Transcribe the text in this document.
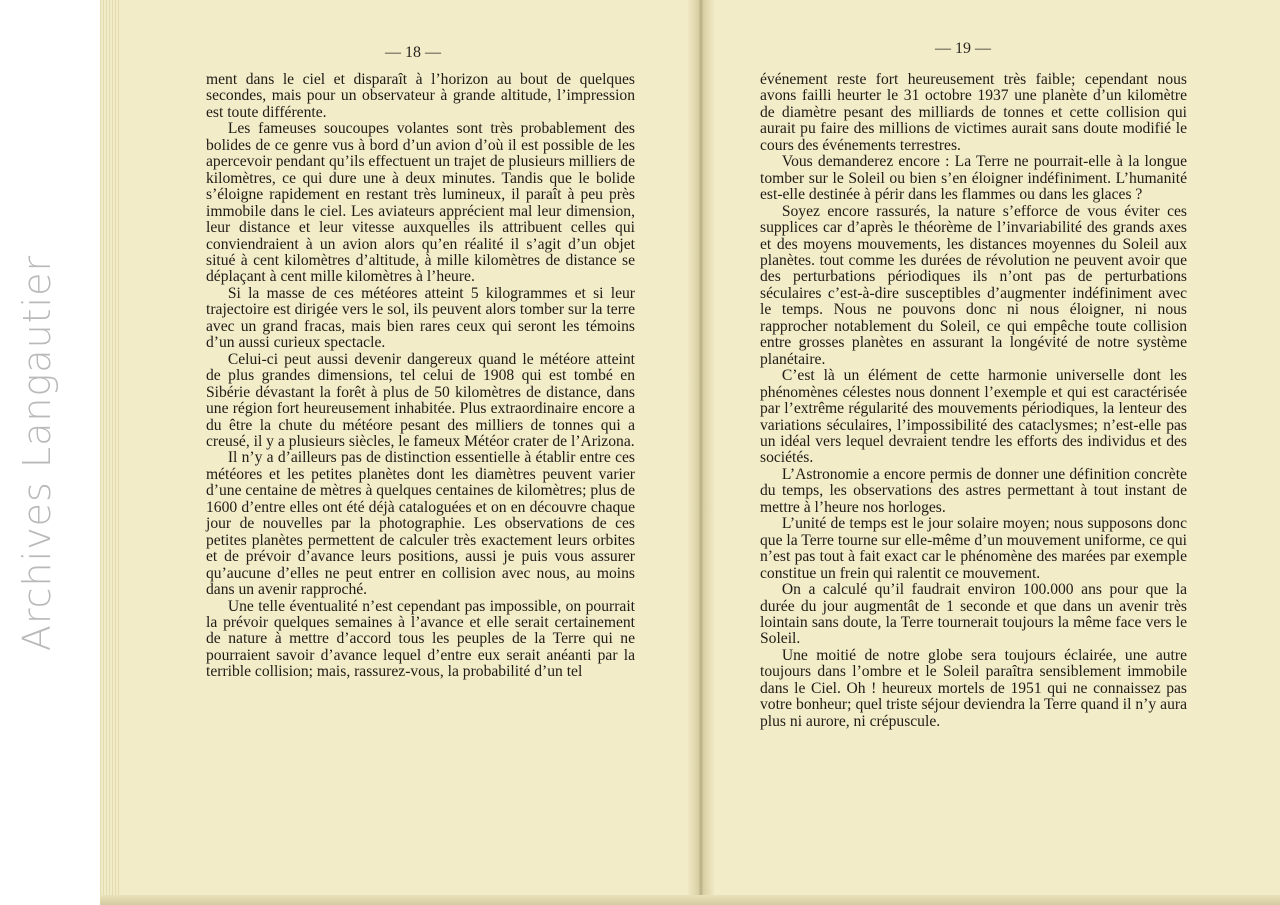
Archives Langautier
— 18 —	— 19 —

ment dans le ciel et disparaît à l’horizon au bout de quelques secondes, mais pour un observateur à grande altitude, l’impression est toute différente.

Les fameuses soucoupes volantes sont très probablement des bolides de ce genre vus à bord d’un avion d’où il est possible de les apercevoir pendant qu’ils effectuent un trajet de plusieurs milliers de kilomètres, ce qui dure une à deux minutes. Tandis que le bolide s’éloigne rapidement en restant très lumineux, il paraît à peu près immobile dans le ciel. Les aviateurs apprécient mal leur dimension, leur distance et leur vitesse auxquelles ils attribuent celles qui conviendraient à un avion alors qu’en réalité il s’agit d’un objet situé à cent kilomètres d’altitude, à mille kilomètres de distance se déplaçant à cent mille kilomètres à l’heure.

Si la masse de ces météores atteint 5 kilogrammes et si leur trajectoire est dirigée vers le sol, ils peuvent alors tomber sur la terre avec un grand fracas, mais bien rares ceux qui seront les témoins d’un aussi curieux spectacle.

Celui-ci peut aussi devenir dangereux quand le météore atteint de plus grandes dimensions, tel celui de 1908 qui est tombé en Sibérie dévastant la forêt à plus de 50 kilomètres de distance, dans une région fort heureusement inhabitée. Plus extraordinaire encore a du être la chute du météore pesant des milliers de tonnes qui a creusé, il y a plusieurs siècles, le fameux Météor crater de l’Arizona.

Il n’y a d’ailleurs pas de distinction essentielle à établir entre ces météores et les petites planètes dont les diamètres peuvent varier d’une centaine de mètres à quelques centaines de kilomètres; plus de 1600 d’entre elles ont été déjà cataloguées et on en découvre chaque jour de nouvelles par la photographie. Les observations de ces petites planètes permettent de calculer très exactement leurs orbites et de prévoir d’avance leurs positions, aussi je puis vous assurer qu’aucune d’elles ne peut entrer en collision avec nous, au moins dans un avenir rapproché.

Une telle éventualité n’est cependant pas impossible, on pourrait la prévoir quelques semaines à l’avance et elle serait certainement de nature à mettre d’accord tous les peuples de la Terre qui ne pourraient savoir d’avance lequel d’entre eux serait anéanti par la terrible collision; mais, rassurez-vous, la probabilité d’un tel

événement reste fort heureusement très faible; cependant nous avons failli heurter le 31 octobre 1937 une planète d’un kilomètre de diamètre pesant des milliards de tonnes et cette collision qui aurait pu faire des millions de victimes aurait sans doute modifié le cours des événements terrestres.

Vous demanderez encore : La Terre ne pourrait-elle à la longue tomber sur le Soleil ou bien s’en éloigner indéfiniment. L’humanité est-elle destinée à périr dans les flammes ou dans les glaces ?

Soyez encore rassurés, la nature s’efforce de vous éviter ces supplices car d’après le théorème de l’invariabilité des grands axes et des moyens mouvements, les distances moyennes du Soleil aux planètes. tout comme les durées de révolution ne peuvent avoir que des perturbations périodiques ils n’ont pas de perturbations séculaires c’est-à-dire susceptibles d’augmenter indéfiniment avec le temps. Nous ne pouvons donc ni nous éloigner, ni nous rapprocher notablement du Soleil, ce qui empêche toute collision entre grosses planètes en assurant la longévité de notre système planétaire.

C’est là un élément de cette harmonie universelle dont les phénomènes célestes nous donnent l’exemple et qui est caractérisée par l’extrême régularité des mouvements périodiques, la lenteur des variations séculaires, l’impossibilité des cataclysmes; n’est-elle pas un idéal vers lequel devraient tendre les efforts des individus et des sociétés.

L’Astronomie a encore permis de donner une définition concrète du temps, les observations des astres permettant à tout instant de mettre à l’heure nos horloges.

L’unité de temps est le jour solaire moyen; nous supposons donc que la Terre tourne sur elle-même d’un mouvement uniforme, ce qui n’est pas tout à fait exact car le phénomène des marées par exemple constitue un frein qui ralentit ce mouvement.

On a calculé qu’il faudrait environ 100.000 ans pour que la durée du jour augmentât de 1 seconde et que dans un avenir très lointain sans doute, la Terre tournerait toujours la même face vers le Soleil.

Une moitié de notre globe sera toujours éclairée, une autre toujours dans l’ombre et le Soleil paraîtra sensiblement immobile dans le Ciel. Oh ! heureux mortels de 1951 qui ne connaissez pas votre bonheur; quel triste séjour deviendra la Terre quand il n’y aura plus ni aurore, ni crépuscule.
